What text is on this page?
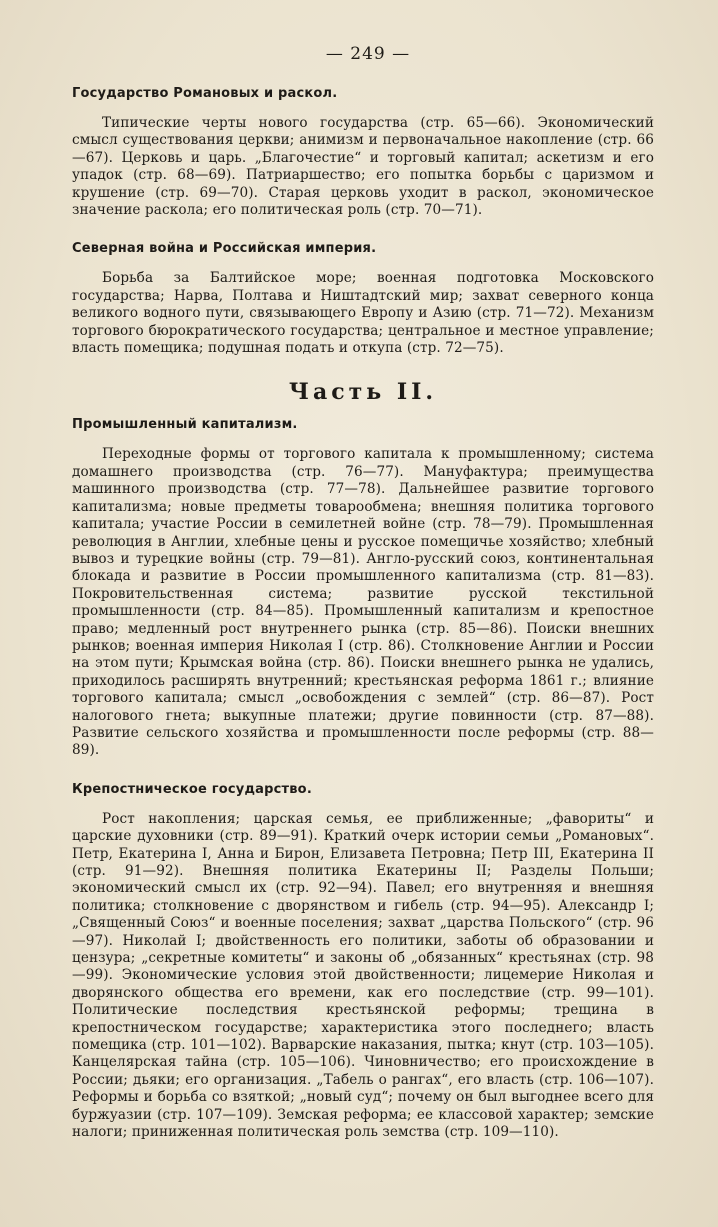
— 249 —
Государство Романовых и раскол.

Типические черты нового государства (стр. 65—66). Экономический смысл существования церкви; анимизм и первоначальное накопление (стр. 66—67). Церковь и царь. „Благочестие“ и торговый капитал; аскетизм и его упадок (стр. 68—69). Патриаршество; его попытка борьбы с царизмом и крушение (стр. 69—70). Старая церковь уходит в раскол, экономическое значение раскола; его политическая роль (стр. 70—71).

Северная война и Российская империя.

Борьба за Балтийское море; военная подготовка Московского государства; Нарва, Полтава и Ништадтский мир; захват северного конца великого водного пути, связывающего Европу и Азию (стр. 71—72). Механизм торгового бюрократического государства; центральное и местное управление; власть помещика; подушная подать и откупа (стр. 72—75).

Часть II.
Промышленный капитализм.

Переходные формы от торгового капитала к промышленному; система домашнего производства (стр. 76—77). Мануфактура; преимущества машинного производства (стр. 77—78). Дальнейшее развитие торгового капитализма; новые предметы товарообмена; внешняя политика торгового капитала; участие России в семилетней войне (стр. 78—79). Промышленная революция в Англии, хлебные цены и русское помещичье хозяйство; хлебный вывоз и турецкие войны (стр. 79—81). Англо-русский союз, континентальная блокада и развитие в России промышленного капитализма (стр. 81—83). Покровительственная система; развитие русской текстильной промышленности (стр. 84—85). Промышленный капитализм и крепостное право; медленный рост внутреннего рынка (стр. 85—86). Поиски внешних рынков; военная империя Николая I (стр. 86). Столкновение Англии и России на этом пути; Крымская война (стр. 86). Поиски внешнего рынка не удались, приходилось расширять внутренний; крестьянская реформа 1861 г.; влияние торгового капитала; смысл „освобождения с землей“ (стр. 86—87). Рост налогового гнета; выкупные платежи; другие повинности (стр. 87—88). Развитие сельского хозяйства и промышленности после реформы (стр. 88—89).

Крепостническое государство.

Рост накопления; царская семья, ее приближенные; „фавориты“ и царские духовники (стр. 89—91). Краткий очерк истории семьи „Романовых“. Петр, Екатерина I, Анна и Бирон, Елизавета Петровна; Петр III, Екатерина II (стр. 91—92). Внешняя политика Екатерины II; Разделы Польши; экономический смысл их (стр. 92—94). Павел; его внутренняя и внешняя политика; столкновение с дворянством и гибель (стр. 94—95). Александр I; „Священный Союз“ и военные поселения; захват „царства Польского“ (стр. 96—97). Николай I; двойственность его политики, заботы об образовании и цензура; „секретные комитеты“ и законы об „обязанных“ крестьянах (стр. 98—99). Экономические условия этой двойственности; лицемерие Николая и дворянского общества его времени, как его последствие (стр. 99—101). Политические последствия крестьянской реформы; трещина в крепостническом государстве; характеристика этого последнего; власть помещика (стр. 101—102). Варварские наказания, пытка; кнут (стр. 103—105). Канцелярская тайна (стр. 105—106). Чиновничество; его происхождение в России; дьяки; его организация. „Табель о рангах“, его власть (стр. 106—107). Реформы и борьба со взяткой; „новый суд“; почему он был выгоднее всего для буржуазии (стр. 107—109). Земская реформа; ее классовой характер; земские налоги; приниженная политическая роль земства (стр. 109—110).
